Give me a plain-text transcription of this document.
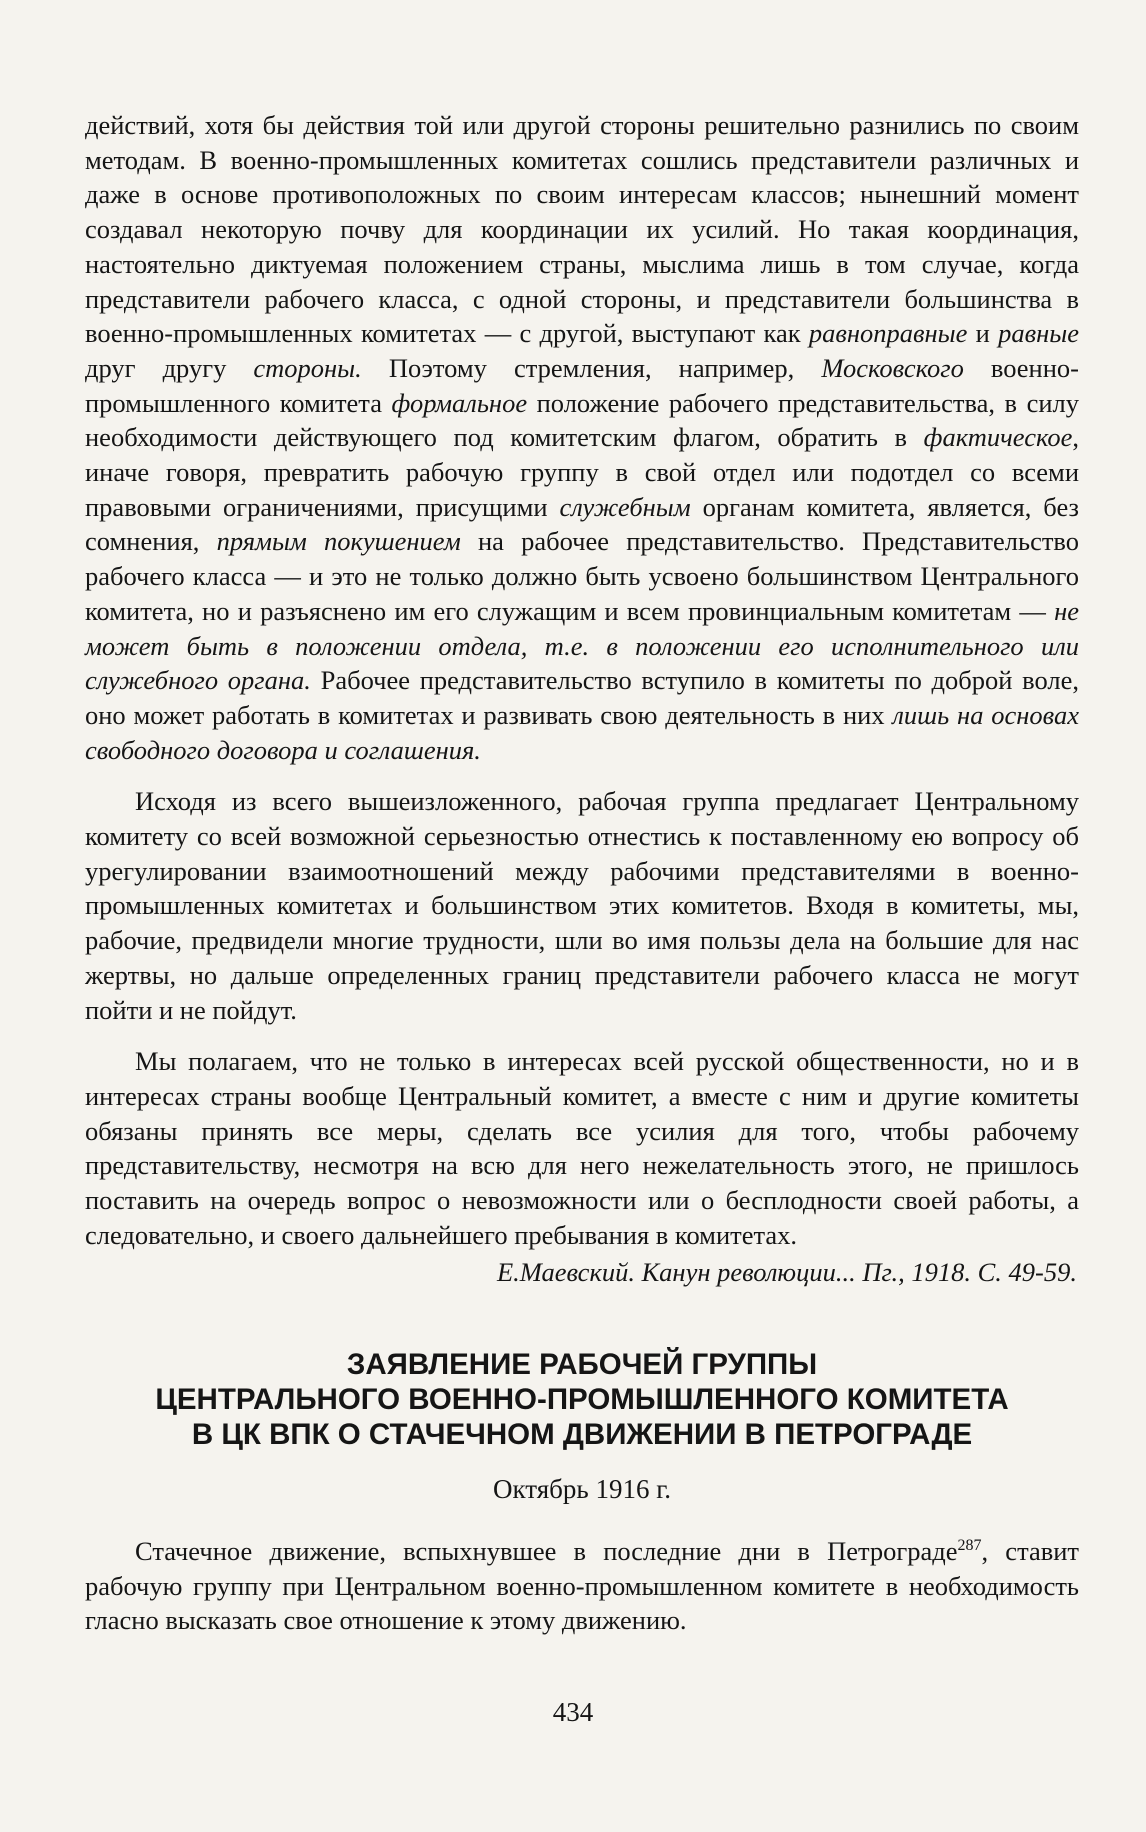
действий, хотя бы действия той или другой стороны решительно разнились по своим методам. В военно-промышленных комитетах сошлись представители различных и даже в основе противоположных по своим интересам классов; нынешний момент создавал некоторую почву для координации их усилий. Но такая координация, настоятельно диктуемая положением страны, мыслима лишь в том случае, когда представители рабочего класса, с одной стороны, и представители большинства в военно-промышленных комитетах — с другой, выступают как равноправные и равные друг другу стороны. Поэтому стремления, например, Московского военно-промышленного комитета формальное положение рабочего представительства, в силу необходимости действующего под комитетским флагом, обратить в фактическое, иначе говоря, превратить рабочую группу в свой отдел или подотдел со всеми правовыми ограничениями, присущими служебным органам комитета, является, без сомнения, прямым покушением на рабочее представительство. Представительство рабочего класса — и это не только должно быть усвоено большинством Центрального комитета, но и разъяснено им его служащим и всем провинциальным комитетам — не может быть в положении отдела, т.е. в положении его исполнительного или служебного органа. Рабочее представительство вступило в комитеты по доброй воле, оно может работать в комитетах и развивать свою деятельность в них лишь на основах свободного договора и соглашения.

Исходя из всего вышеизложенного, рабочая группа предлагает Центральному комитету со всей возможной серьезностью отнестись к поставленному ею вопросу об урегулировании взаимоотношений между рабочими представителями в военно-промышленных комитетах и большинством этих комитетов. Входя в комитеты, мы, рабочие, предвидели многие трудности, шли во имя пользы дела на большие для нас жертвы, но дальше определенных границ представители рабочего класса не могут пойти и не пойдут.

Мы полагаем, что не только в интересах всей русской общественности, но и в интересах страны вообще Центральный комитет, а вместе с ним и другие комитеты обязаны принять все меры, сделать все усилия для того, чтобы рабочему представительству, несмотря на всю для него нежелательность этого, не пришлось поставить на очередь вопрос о невозможности или о бесплодности своей работы, а следовательно, и своего дальнейшего пребывания в комитетах.

Е.Маевский. Канун революции... Пг., 1918. С. 49-59.

ЗАЯВЛЕНИЕ РАБОЧЕЙ ГРУППЫ
ЦЕНТРАЛЬНОГО ВОЕННО-ПРОМЫШЛЕННОГО КОМИТЕТА
В ЦК ВПК О СТАЧЕЧНОМ ДВИЖЕНИИ В ПЕТРОГРАДЕ

Октябрь 1916 г.

Стачечное движение, вспыхнувшее в последние дни в Петрограде$^{287}$, ставит рабочую группу при Центральном военно-промышленном комитете в необходимость гласно высказать свое отношение к этому движению.

434
